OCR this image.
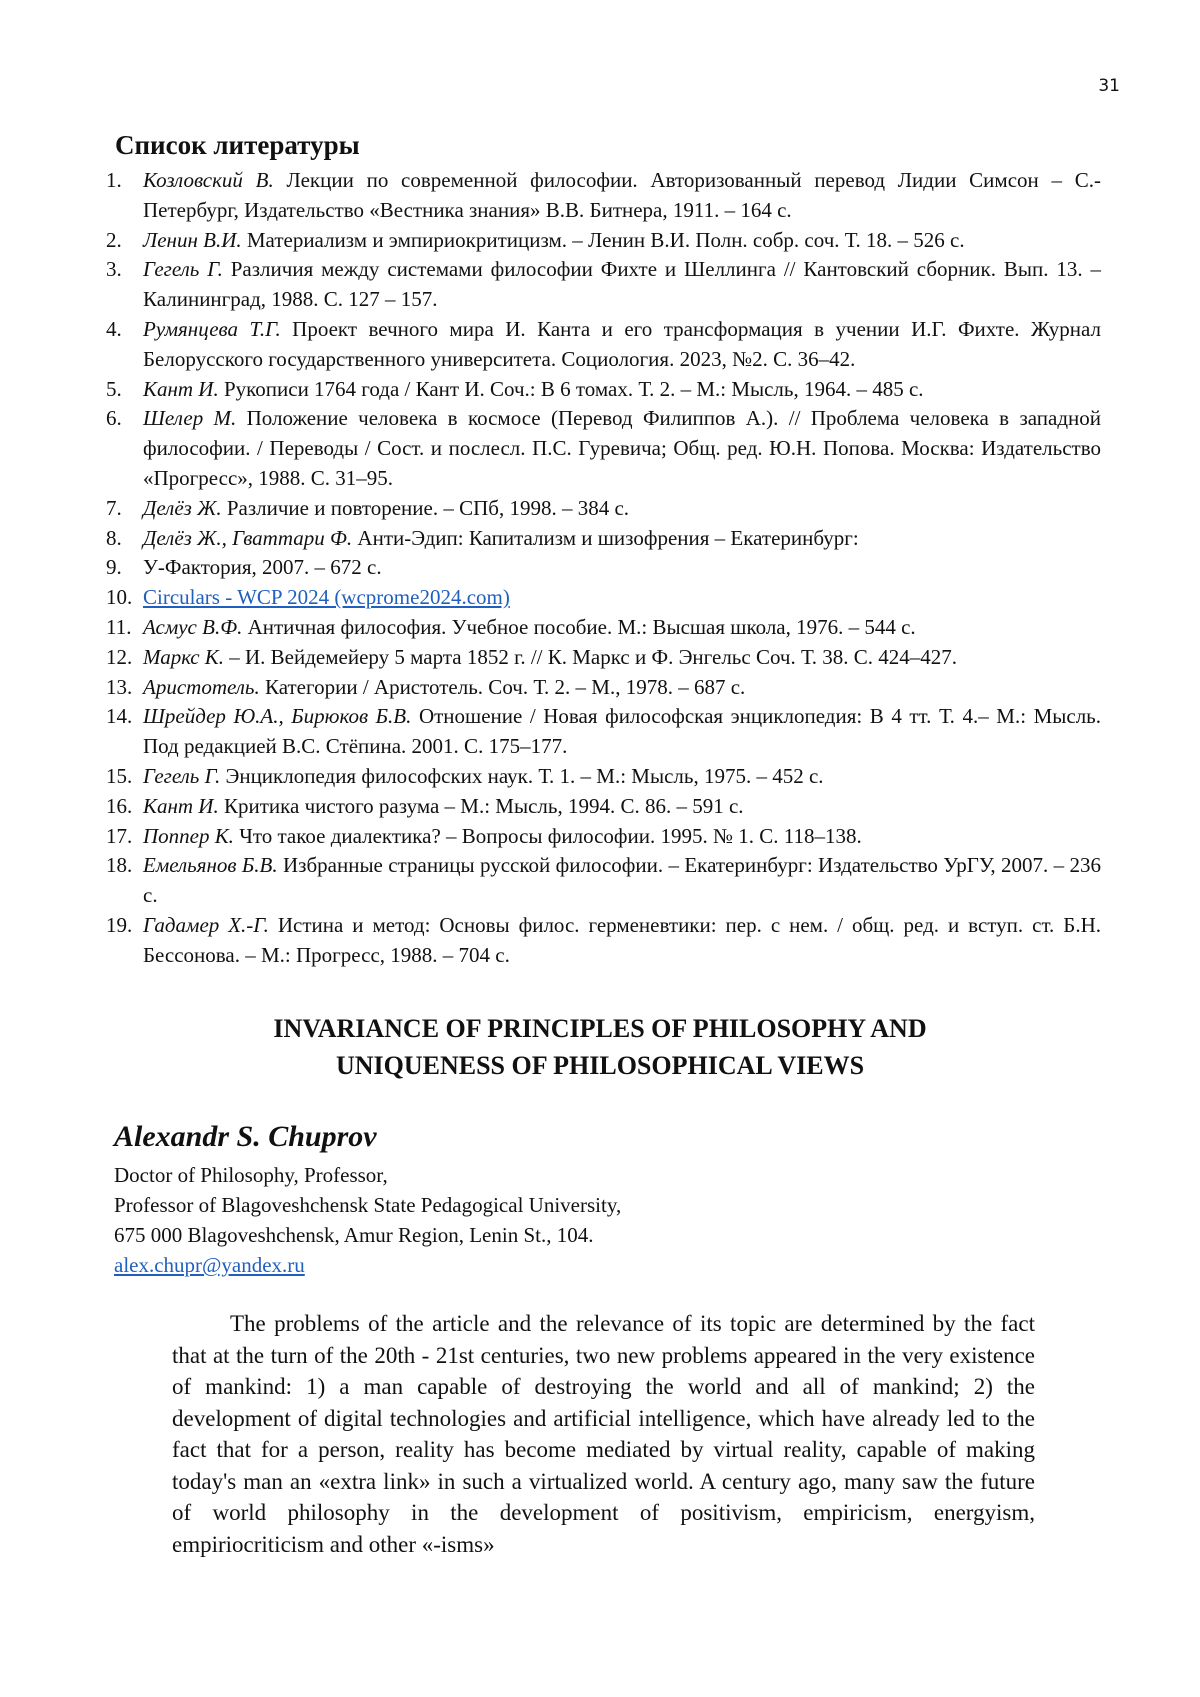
31
Список литературы
1. Козловский В. Лекции по современной философии. Авторизованный перевод Лидии Симсон – С.-Петербург, Издательство «Вестника знания» В.В. Битнера, 1911. – 164 с.
2. Ленин В.И. Материализм и эмпириокритицизм. – Ленин В.И. Полн. собр. соч. Т. 18. – 526 с.
3. Гегель Г. Различия между системами философии Фихте и Шеллинга // Кантовский сборник. Вып. 13. – Калининград, 1988. С. 127 – 157.
4. Румянцева Т.Г. Проект вечного мира И. Канта и его трансформация в учении И.Г. Фихте. Журнал Белорусского государственного университета. Социология. 2023, №2. С. 36–42.
5. Кант И. Рукописи 1764 года / Кант И. Соч.: В 6 томах. Т. 2. – М.: Мысль, 1964. – 485 с.
6. Шелер М. Положение человека в космосе (Перевод Филиппов А.). // Проблема человека в западной философии. / Переводы / Сост. и послесл. П.С. Гуревича; Общ. ред. Ю.Н. Попова. Москва: Издательство «Прогресс», 1988. С. 31–95.
7. Делёз Ж. Различие и повторение. – СПб, 1998. – 384 с.
8. Делёз Ж., Гваттари Ф. Анти-Эдип: Капитализм и шизофрения – Екатеринбург:
9. У-Фактория, 2007. – 672 с.
10. Circulars - WCP 2024 (wcprome2024.com)
11. Асмус В.Ф. Античная философия. Учебное пособие. М.: Высшая школа, 1976. – 544 с.
12. Маркс К. – И. Вейдемейеру 5 марта 1852 г. // К. Маркс и Ф. Энгельс Соч. Т. 38. С. 424–427.
13. Аристотель. Категории / Аристотель. Соч. Т. 2. – М., 1978. – 687 с.
14. Шрейдер Ю.А., Бирюков Б.В. Отношение / Новая философская энциклопедия: В 4 тт. Т. 4.– М.: Мысль. Под редакцией В.С. Стёпина. 2001. С. 175–177.
15. Гегель Г. Энциклопедия философских наук. Т. 1. – М.: Мысль, 1975. – 452 с.
16. Кант И. Критика чистого разума – М.: Мысль, 1994. С. 86. – 591 с.
17. Поппер К. Что такое диалектика? – Вопросы философии. 1995. № 1. С. 118–138.
18. Емельянов Б.В. Избранные страницы русской философии. – Екатеринбург: Издательство УрГУ, 2007. – 236 с.
19. Гадамер Х.-Г. Истина и метод: Основы филос. герменевтики: пер. с нем. / общ. ред. и вступ. ст. Б.Н. Бессонова. – М.: Прогресс, 1988. – 704 с.
INVARIANCE OF PRINCIPLES OF PHILOSOPHY AND
UNIQUENESS OF PHILOSOPHICAL VIEWS
Alexandr S. Chuprov
Doctor of Philosophy, Professor,
Professor of Blagoveshchensk State Pedagogical University,
675 000 Blagoveshchensk, Amur Region, Lenin St., 104.
alex.chupr@yandex.ru

The problems of the article and the relevance of its topic are determined by the fact that at the turn of the 20th - 21st centuries, two new problems appeared in the very existence of mankind: 1) a man capable of destroying the world and all of mankind; 2) the development of digital technologies and artificial intelligence, which have already led to the fact that for a person, reality has become mediated by virtual reality, capable of making today's man an «extra link» in such a virtualized world. A century ago, many saw the future of world philosophy in the development of positivism, empiricism, energyism, empiriocriticism and other «-isms»
